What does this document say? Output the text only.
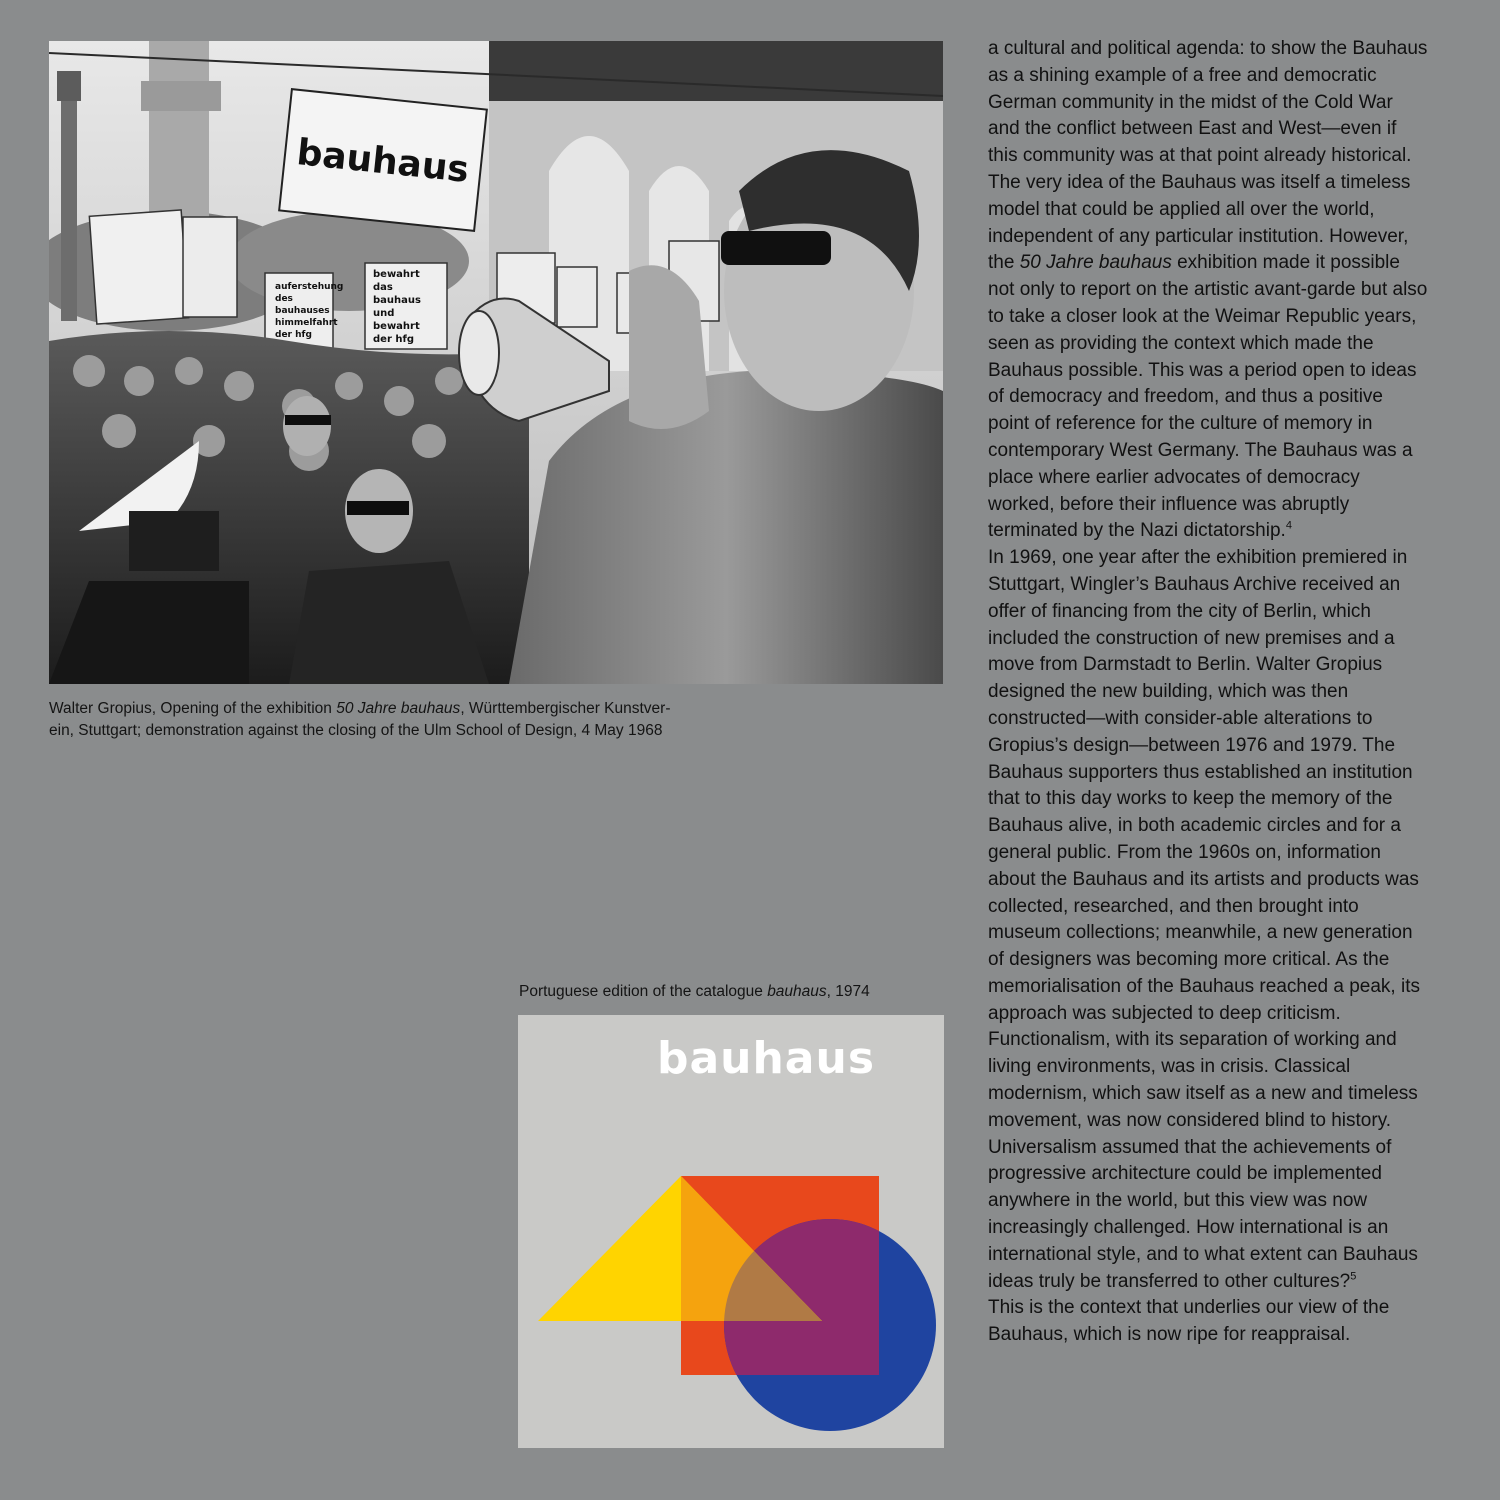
bauhaus
auferstehung
des
bauhauses
himmelfahrt
der hfg
bewahrt
das
bauhaus
und
bewahrt
der hfg
Walter Gropius, Opening of the exhibition 50 Jahre bauhaus, Württembergischer Kunstver-
ein, Stuttgart; demonstration against the closing of the Ulm School of Design, 4 May 1968
Portuguese edition of the catalogue bauhaus, 1974
bauhaus

a cultural and political agenda: to show the Bauhaus as a shining example of a free and democratic German community in the midst of the Cold War and the conflict between East and West—even if this community was at that point already historical. The very idea of the Bauhaus was itself a timeless model that could be applied all over the world, independent of any particular institution. However, the 50 Jahre bauhaus exhibition made it possible not only to report on the artistic avant-garde but also to take a closer look at the Weimar Republic years, seen as providing the context which made the Bauhaus possible. This was a period open to ideas of democracy and freedom, and thus a positive point of reference for the culture of memory in contemporary West Germany. The Bauhaus was a place where earlier advocates of democracy worked, before their influence was abruptly terminated by the Nazi dictatorship.$^4$

In 1969, one year after the exhibition premiered in Stuttgart, Wingler’s Bauhaus Archive received an offer of financing from the city of Berlin, which included the construction of new premises and a move from Darmstadt to Berlin. Walter Gropius designed the new building, which was then constructed—with consider-able alterations to Gropius’s design—between 1976 and 1979. The Bauhaus supporters thus established an institution that to this day works to keep the memory of the Bauhaus alive, in both academic circles and for a general public. From the 1960s on, information about the Bauhaus and its artists and products was collected, researched, and then brought into museum collections; meanwhile, a new generation of designers was becoming more critical. As the memorialisation of the Bauhaus reached a peak, its approach was subjected to deep criticism. Functionalism, with its separation of working and living environments, was in crisis. Classical modernism, which saw itself as a new and timeless movement, was now considered blind to history. Universalism assumed that the achievements of progressive architecture could be implemented anywhere in the world, but this view was now increasingly challenged. How international is an international style, and to what extent can Bauhaus ideas truly be transferred to other cultures?$^5$

This is the context that underlies our view of the Bauhaus, which is now ripe for reappraisal.
